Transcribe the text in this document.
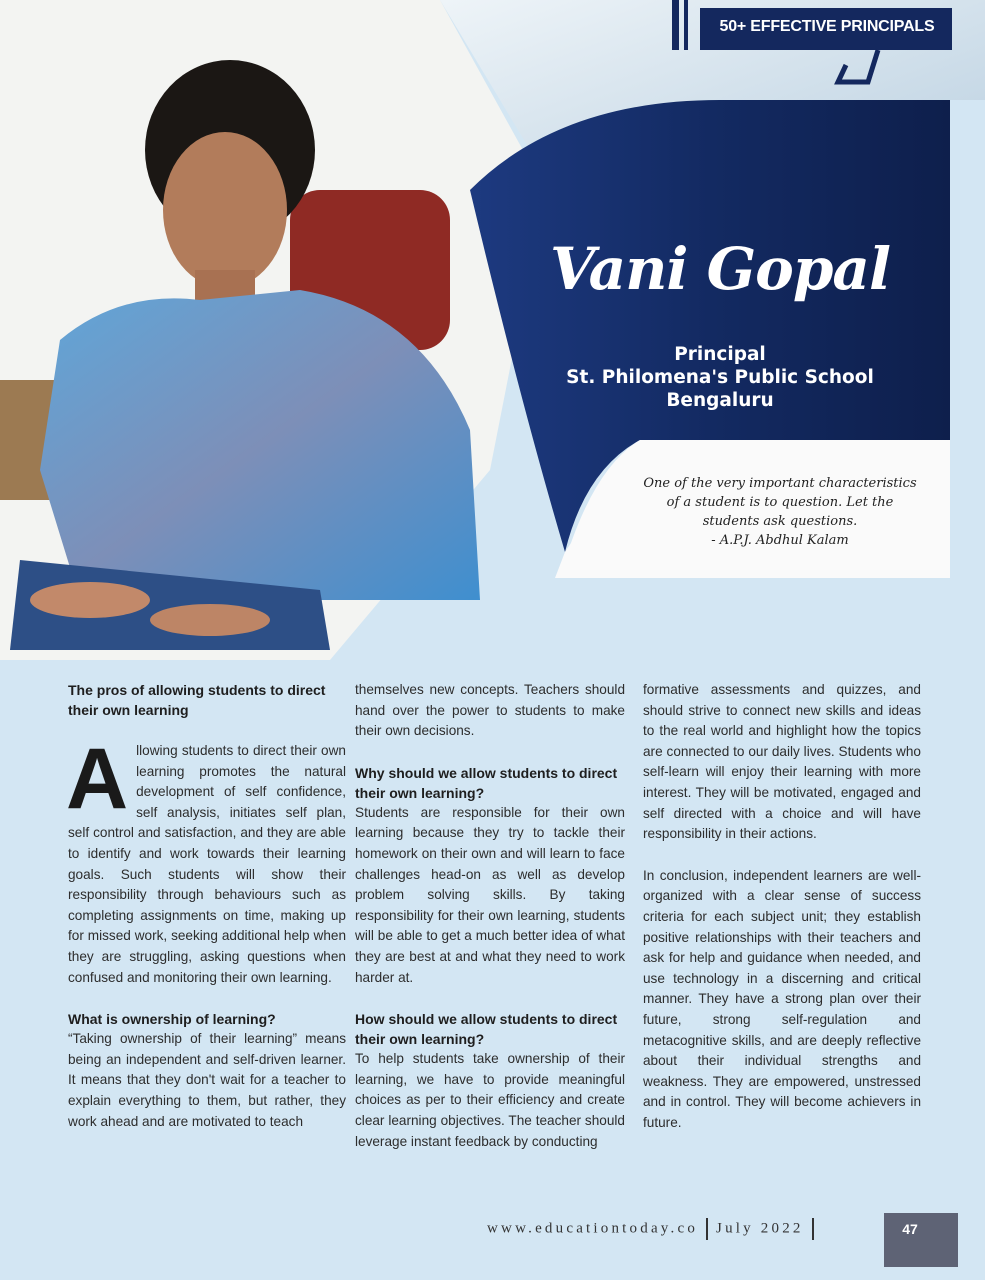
50+ EFFECTIVE PRINCIPALS
Vani Gopal
Principal
St. Philomena's Public School
Bengaluru
One of the very important characteristics
of a student is to question. Let the
students ask questions.
- A.P.J. Abdhul Kalam
The pros of allowing students to direct their own learning

Allowing students to direct their own learning promotes the natural development of self confidence, self analysis, initiates self plan, self control and satisfaction, and they are able to identify and work towards their learning goals. Such students will show their responsibility through behaviours such as completing assignments on time, making up for missed work, seeking additional help when they are struggling, asking questions when confused and monitoring their own learning.

What is ownership of learning?

“Taking ownership of their learning” means being an independent and self-driven learner. It means that they don't wait for a teacher to explain everything to them, but rather, they work ahead and are motivated to teach

themselves new concepts. Teachers should hand over the power to students to make their own decisions.

Why should we allow students to direct their own learning?

Students are responsible for their own learning because they try to tackle their homework on their own and will learn to face challenges head-on as well as develop problem solving skills. By taking responsibility for their own learning, students will be able to get a much better idea of what they are best at and what they need to work harder at.

How should we allow students to direct their own learning?

To help students take ownership of their learning, we have to provide meaningful choices as per to their efficiency and create clear learning objectives. The teacher should leverage instant feedback by conducting

formative assessments and quizzes, and should strive to connect new skills and ideas to the real world and highlight how the topics are connected to our daily lives. Students who self-learn will enjoy their learning with more interest. They will be motivated, engaged and self directed with a choice and will have responsibility in their actions.

In conclusion, independent learners are well-organized with a clear sense of success criteria for each subject unit; they establish positive relationships with their teachers and ask for help and guidance when needed, and use technology in a discerning and critical manner. They have a strong plan over their future, strong self-regulation and metacognitive skills, and are deeply reflective about their individual strengths and weakness. They are empowered, unstressed and in control. They will become achievers in future.

www.educationtoday.co July 2022	47
